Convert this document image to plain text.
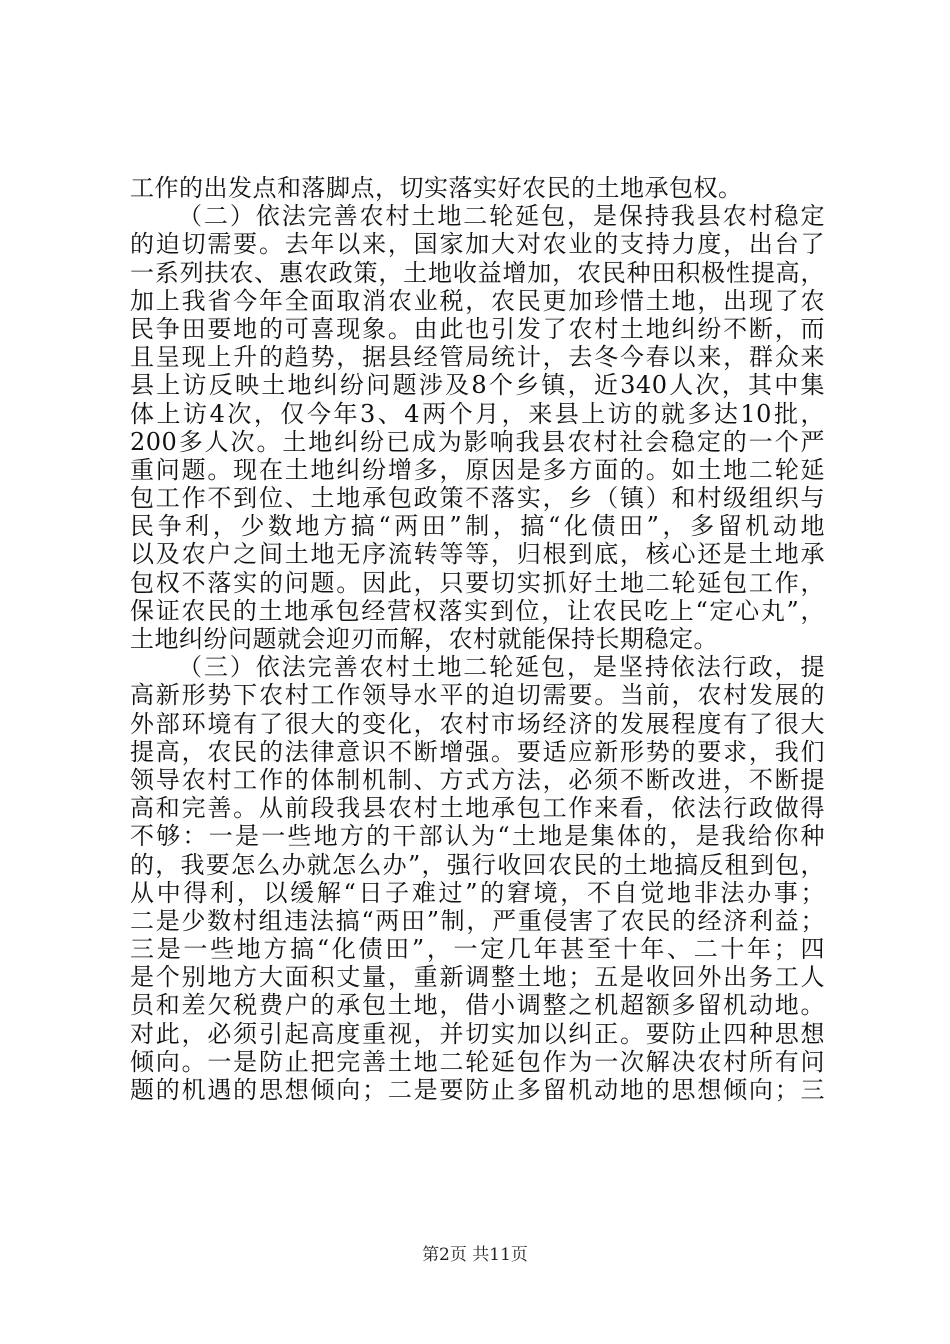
工作的出发点和落脚点，切实落实好农民的土地承包权。
（二）依法完善农村土地二轮延包，是保持我县农村稳定
的迫切需要。去年以来，国家加大对农业的支持力度，出台了
一系列扶农、惠农政策，土地收益增加，农民种田积极性提高，
加上我省今年全面取消农业税，农民更加珍惜土地，出现了农
民争田要地的可喜现象。由此也引发了农村土地纠纷不断，而
且呈现上升的趋势，据县经管局统计，去冬今春以来，群众来
县上访反映土地纠纷问题涉及8个乡镇，近340人次，其中集
体上访4次，仅今年3、4两个月，来县上访的就多达10批，
200多人次。土地纠纷已成为影响我县农村社会稳定的一个严
重问题。现在土地纠纷增多，原因是多方面的。如土地二轮延
包工作不到位、土地承包政策不落实，乡（镇）和村级组织与
民争利，少数地方搞“两田”制，搞“化债田”，多留机动地
以及农户之间土地无序流转等等，归根到底，核心还是土地承
包权不落实的问题。因此，只要切实抓好土地二轮延包工作，
保证农民的土地承包经营权落实到位，让农民吃上“定心丸”，
土地纠纷问题就会迎刃而解，农村就能保持长期稳定。
（三）依法完善农村土地二轮延包，是坚持依法行政，提
高新形势下农村工作领导水平的迫切需要。当前，农村发展的
外部环境有了很大的变化，农村市场经济的发展程度有了很大
提高，农民的法律意识不断增强。要适应新形势的要求，我们
领导农村工作的体制机制、方式方法，必须不断改进，不断提
高和完善。从前段我县农村土地承包工作来看，依法行政做得
不够：一是一些地方的干部认为“土地是集体的，是我给你种
的，我要怎么办就怎么办”，强行收回农民的土地搞反租到包，
从中得利，以缓解“日子难过”的窘境，不自觉地非法办事；
二是少数村组违法搞“两田”制，严重侵害了农民的经济利益；
三是一些地方搞“化债田”，一定几年甚至十年、二十年；四
是个别地方大面积丈量，重新调整土地；五是收回外出务工人
员和差欠税费户的承包土地，借小调整之机超额多留机动地。
对此，必须引起高度重视，并切实加以纠正。要防止四种思想
倾向。一是防止把完善土地二轮延包作为一次解决农村所有问
题的机遇的思想倾向；二是要防止多留机动地的思想倾向；三
第2页 共11页
